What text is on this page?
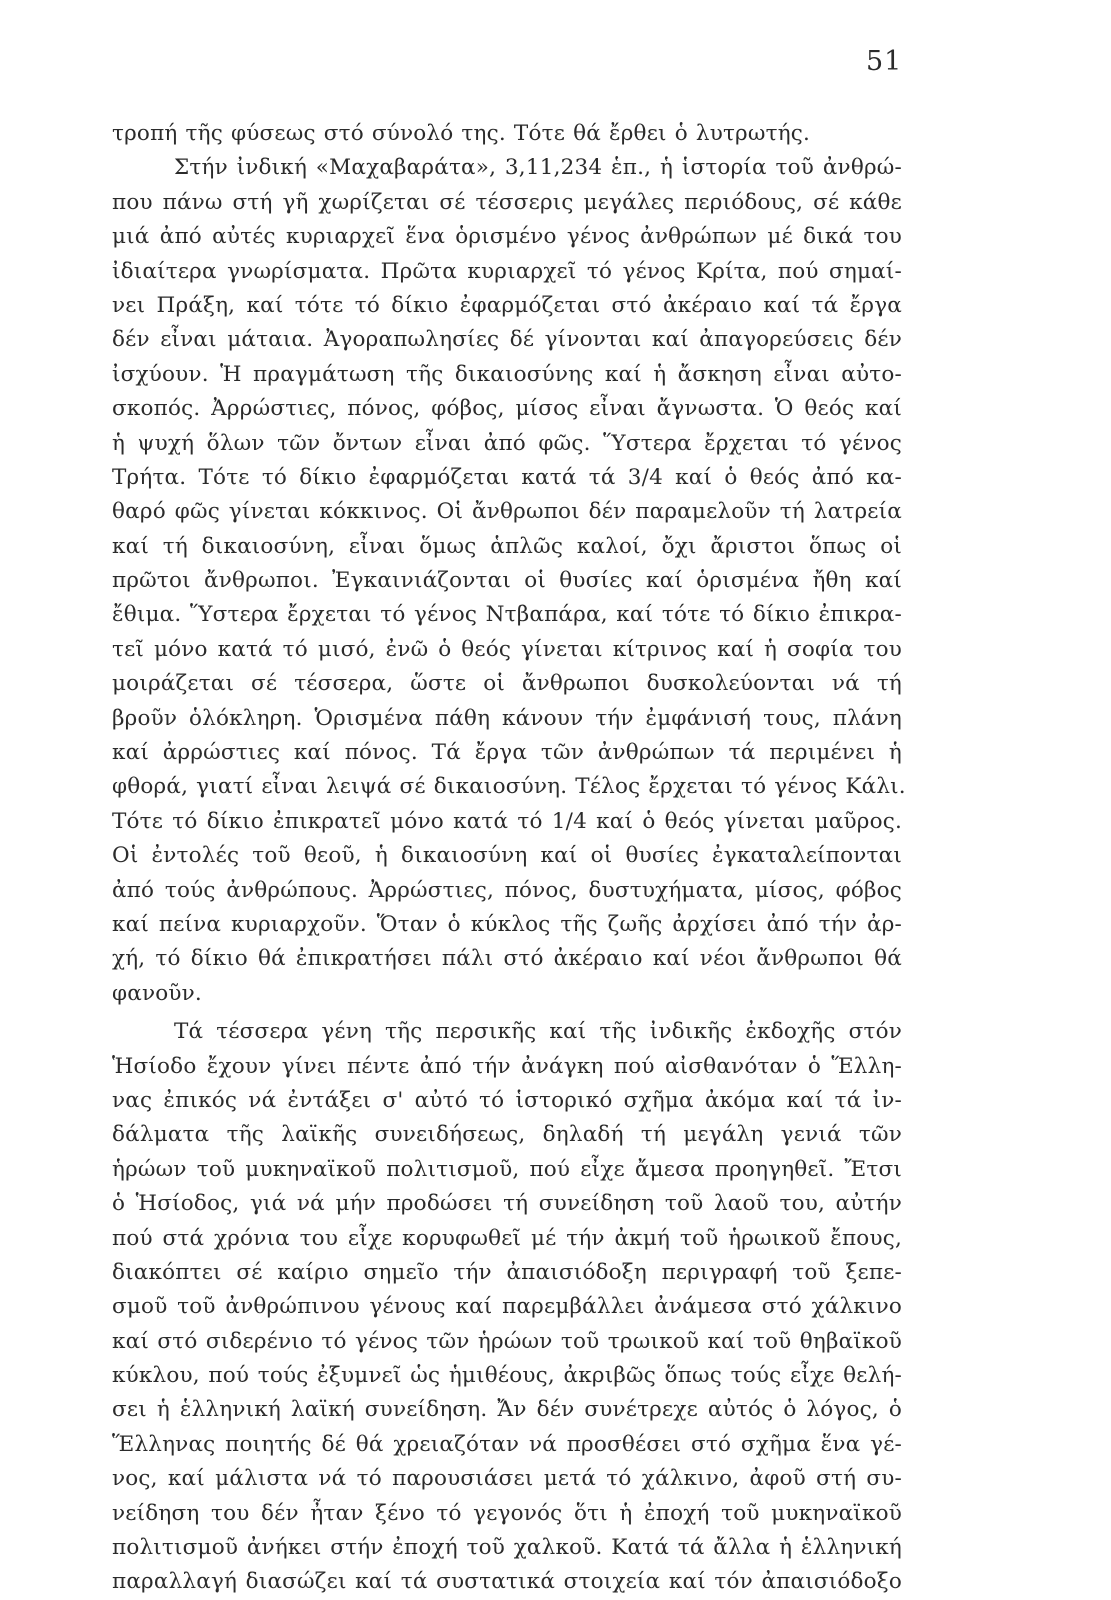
51
τροπή τῆς φύσεως στό σύνολό της. Τότε θά ἔρθει ὁ λυτρωτής.
Στήν ἰνδική «Μαχαβαράτα», 3,11,234 ἑπ., ἡ ἱστορία τοῦ ἀνθρώ-
που πάνω στή γῆ χωρίζεται σέ τέσσερις μεγάλες περιόδους, σέ κάθε
μιά ἀπό αὐτές κυριαρχεῖ ἕνα ὁρισμένο γένος ἀνθρώπων μέ δικά του
ἰδιαίτερα γνωρίσματα. Πρῶτα κυριαρχεῖ τό γένος Κρίτα, πού σημαί-
νει Πράξη, καί τότε τό δίκιο ἐφαρμόζεται στό ἀκέραιο καί τά ἔργα
δέν εἶναι μάταια. Ἀγοραπωλησίες δέ γίνονται καί ἀπαγορεύσεις δέν
ἰσχύουν. Ἡ πραγμάτωση τῆς δικαιοσύνης καί ἡ ἄσκηση εἶναι αὐτο-
σκοπός. Ἀρρώστιες, πόνος, φόβος, μίσος εἶναι ἄγνωστα. Ὁ θεός καί
ἡ ψυχή ὅλων τῶν ὄντων εἶναι ἀπό φῶς. Ὕστερα ἔρχεται τό γένος
Τρήτα. Τότε τό δίκιο ἐφαρμόζεται κατά τά 3/4 καί ὁ θεός ἀπό κα-
θαρό φῶς γίνεται κόκκινος. Οἱ ἄνθρωποι δέν παραμελοῦν τή λατρεία
καί τή δικαιοσύνη, εἶναι ὅμως ἁπλῶς καλοί, ὄχι ἄριστοι ὅπως οἱ
πρῶτοι ἄνθρωποι. Ἐγκαινιάζονται οἱ θυσίες καί ὁρισμένα ἤθη καί
ἔθιμα. Ὕστερα ἔρχεται τό γένος Ντβαπάρα, καί τότε τό δίκιο ἐπικρα-
τεῖ μόνο κατά τό μισό, ἐνῶ ὁ θεός γίνεται κίτρινος καί ἡ σοφία του
μοιράζεται σέ τέσσερα, ὥστε οἱ ἄνθρωποι δυσκολεύονται νά τή
βροῦν ὁλόκληρη. Ὁρισμένα πάθη κάνουν τήν ἐμφάνισή τους, πλάνη
καί ἀρρώστιες καί πόνος. Τά ἔργα τῶν ἀνθρώπων τά περιμένει ἡ
φθορά, γιατί εἶναι λειψά σέ δικαιοσύνη. Τέλος ἔρχεται τό γένος Κάλι.
Τότε τό δίκιο ἐπικρατεῖ μόνο κατά τό 1/4 καί ὁ θεός γίνεται μαῦρος.
Οἱ ἐντολές τοῦ θεοῦ, ἡ δικαιοσύνη καί οἱ θυσίες ἐγκαταλείπονται
ἀπό τούς ἀνθρώπους. Ἀρρώστιες, πόνος, δυστυχήματα, μίσος, φόβος
καί πείνα κυριαρχοῦν. Ὅταν ὁ κύκλος τῆς ζωῆς ἀρχίσει ἀπό τήν ἀρ-
χή, τό δίκιο θά ἐπικρατήσει πάλι στό ἀκέραιο καί νέοι ἄνθρωποι θά
φανοῦν.
Τά τέσσερα γένη τῆς περσικῆς καί τῆς ἰνδικῆς ἐκδοχῆς στόν
Ἡσίοδο ἔχουν γίνει πέντε ἀπό τήν ἀνάγκη πού αἰσθανόταν ὁ Ἕλλη-
νας ἐπικός νά ἐντάξει σ' αὐτό τό ἱστορικό σχῆμα ἀκόμα καί τά ἰν-
δάλματα τῆς λαϊκῆς συνειδήσεως, δηλαδή τή μεγάλη γενιά τῶν
ἡρώων τοῦ μυκηναϊκοῦ πολιτισμοῦ, πού εἶχε ἄμεσα προηγηθεῖ. Ἔτσι
ὁ Ἡσίοδος, γιά νά μήν προδώσει τή συνείδηση τοῦ λαοῦ του, αὐτήν
πού στά χρόνια του εἶχε κορυφωθεῖ μέ τήν ἀκμή τοῦ ἡρωικοῦ ἔπους,
διακόπτει σέ καίριο σημεῖο τήν ἀπαισιόδοξη περιγραφή τοῦ ξεπε-
σμοῦ τοῦ ἀνθρώπινου γένους καί παρεμβάλλει ἀνάμεσα στό χάλκινο
καί στό σιδερένιο τό γένος τῶν ἡρώων τοῦ τρωικοῦ καί τοῦ θηβαϊκοῦ
κύκλου, πού τούς ἐξυμνεῖ ὡς ἡμιθέους, ἀκριβῶς ὅπως τούς εἶχε θελή-
σει ἡ ἑλληνική λαϊκή συνείδηση. Ἄν δέν συνέτρεχε αὐτός ὁ λόγος, ὁ
Ἕλληνας ποιητής δέ θά χρειαζόταν νά προσθέσει στό σχῆμα ἕνα γέ-
νος, καί μάλιστα νά τό παρουσιάσει μετά τό χάλκινο, ἀφοῦ στή συ-
νείδηση του δέν ἦταν ξένο τό γεγονός ὅτι ἡ ἐποχή τοῦ μυκηναϊκοῦ
πολιτισμοῦ ἀνήκει στήν ἐποχή τοῦ χαλκοῦ. Κατά τά ἄλλα ἡ ἑλληνική
παραλλαγή διασώζει καί τά συστατικά στοιχεία καί τόν ἀπαισιόδοξο
